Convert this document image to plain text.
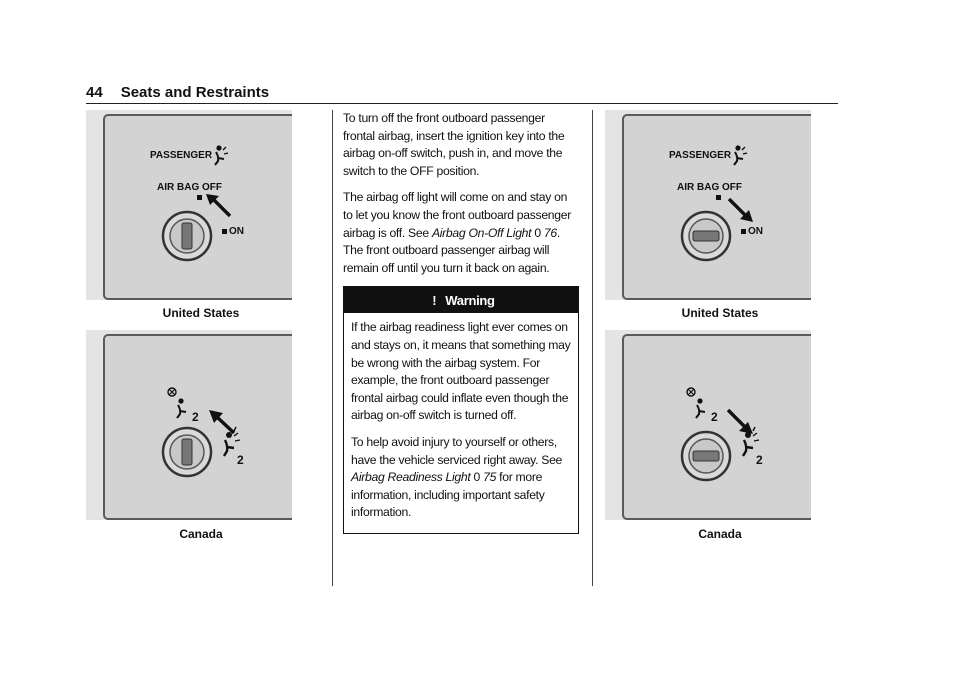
44 Seats and Restraints
PASSENGER
AIR BAG OFF
ON
United States
2
2
Canada

To turn off the front outboard passenger frontal airbag, insert the ignition key into the airbag on-off switch, push in, and move the switch to the OFF position.

The airbag off light will come on and stay on to let you know the front outboard passenger airbag is off. See Airbag On-Off Light 0 76. The front outboard passenger airbag will remain off until you turn it back on again.

! Warning

If the airbag readiness light ever comes on and stays on, it means that something may be wrong with the airbag system. For example, the front outboard passenger frontal airbag could inflate even though the airbag on-off switch is turned off.

To help avoid injury to yourself or others, have the vehicle serviced right away. See Airbag Readiness Light 0 75 for more information, including important safety information.

PASSENGER
AIR BAG OFF
ON
United States
2
2
Canada
